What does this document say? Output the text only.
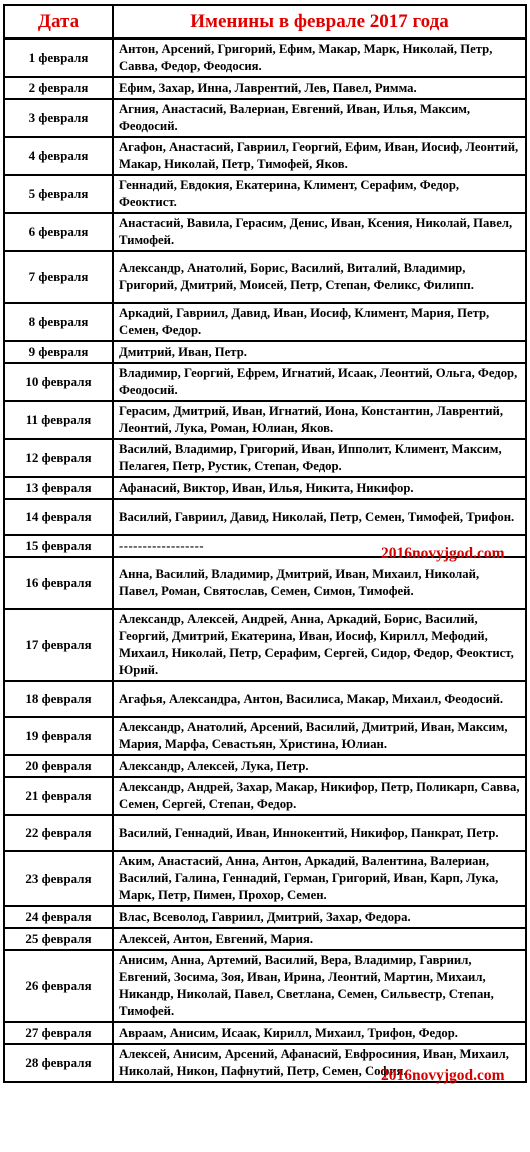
Дата	Именины в феврале 2017 года
1 февраля	Антон, Арсений, Григорий, Ефим, Макар, Марк, Николай, Петр, Савва, Федор, Феодосия.
2 февраля	Ефим, Захар, Инна, Лаврентий, Лев, Павел, Римма.
3 февраля	Агния, Анастасий, Валериан, Евгений, Иван, Илья, Максим, Феодосий.
4 февраля	Агафон, Анастасий, Гавриил, Георгий, Ефим, Иван, Иосиф, Леонтий, Макар, Николай, Петр, Тимофей, Яков.
5 февраля	Геннадий, Евдокия, Екатерина, Климент, Серафим, Федор, Феоктист.
6 февраля	Анастасий, Вавила, Герасим, Денис, Иван, Ксения, Николай, Павел, Тимофей.
7 февраля	Александр, Анатолий, Борис, Василий, Виталий, Владимир, Григорий, Дмитрий, Моисей, Петр, Степан, Феликс, Филипп.
8 февраля	Аркадий, Гавриил, Давид, Иван, Иосиф, Климент, Мария, Петр, Семен, Федор.
9 февраля	Дмитрий, Иван, Петр.
10 февраля	Владимир, Георгий, Ефрем, Игнатий, Исаак, Леонтий, Ольга, Федор, Феодосий.
11 февраля	Герасим, Дмитрий, Иван, Игнатий, Иона, Константин, Лаврентий, Леонтий, Лука, Роман, Юлиан, Яков.
12 февраля	Василий, Владимир, Григорий, Иван, Ипполит, Климент, Максим, Пелагея, Петр, Рустик, Степан, Федор.
13 февраля	Афанасий, Виктор, Иван, Илья, Никита, Никифор.
14 февраля	Василий, Гавриил, Давид, Николай, Петр, Семен, Тимофей, Трифон.
15 февраля	------------------
16 февраля	Анна, Василий, Владимир, Дмитрий, Иван, Михаил, Николай, Павел, Роман, Святослав, Семен, Симон, Тимофей.
17 февраля	Александр, Алексей, Андрей, Анна, Аркадий, Борис, Василий, Георгий, Дмитрий, Екатерина, Иван, Иосиф, Кирилл, Мефодий, Михаил, Николай, Петр, Серафим, Сергей, Сидор, Федор, Феоктист, Юрий.
18 февраля	Агафья, Александра, Антон, Василиса, Макар, Михаил, Феодосий.
19 февраля	Александр, Анатолий, Арсений, Василий, Дмитрий, Иван, Максим, Мария, Марфа, Севастьян, Христина, Юлиан.
20 февраля	Александр, Алексей, Лука, Петр.
21 февраля	Александр, Андрей, Захар, Макар, Никифор, Петр, Поликарп, Савва, Семен, Сергей, Степан, Федор.
22 февраля	Василий, Геннадий, Иван, Иннокентий, Никифор, Панкрат, Петр.
23 февраля	Аким, Анастасий, Анна, Антон, Аркадий, Валентина, Валериан, Василий, Галина, Геннадий, Герман, Григорий, Иван, Карп, Лука, Марк, Петр, Пимен, Прохор, Семен.
24 февраля	Влас, Всеволод, Гавриил, Дмитрий, Захар, Федора.
25 февраля	Алексей, Антон, Евгений, Мария.
26 февраля	Анисим, Анна, Артемий, Василий, Вера, Владимир, Гавриил, Евгений, Зосима, Зоя, Иван, Ирина, Леонтий, Мартин, Михаил, Никандр, Николай, Павел, Светлана, Семен, Сильвестр, Степан, Тимофей.
27 февраля	Авраам, Анисим, Исаак, Кирилл, Михаил, Трифон, Федор.
28 февраля	Алексей, Анисим, Арсений, Афанасий, Евфросиния, Иван, Михаил, Николай, Никон, Пафнутий, Петр, Семен, София.
2016novyjgod.com
2016novyjgod.com
